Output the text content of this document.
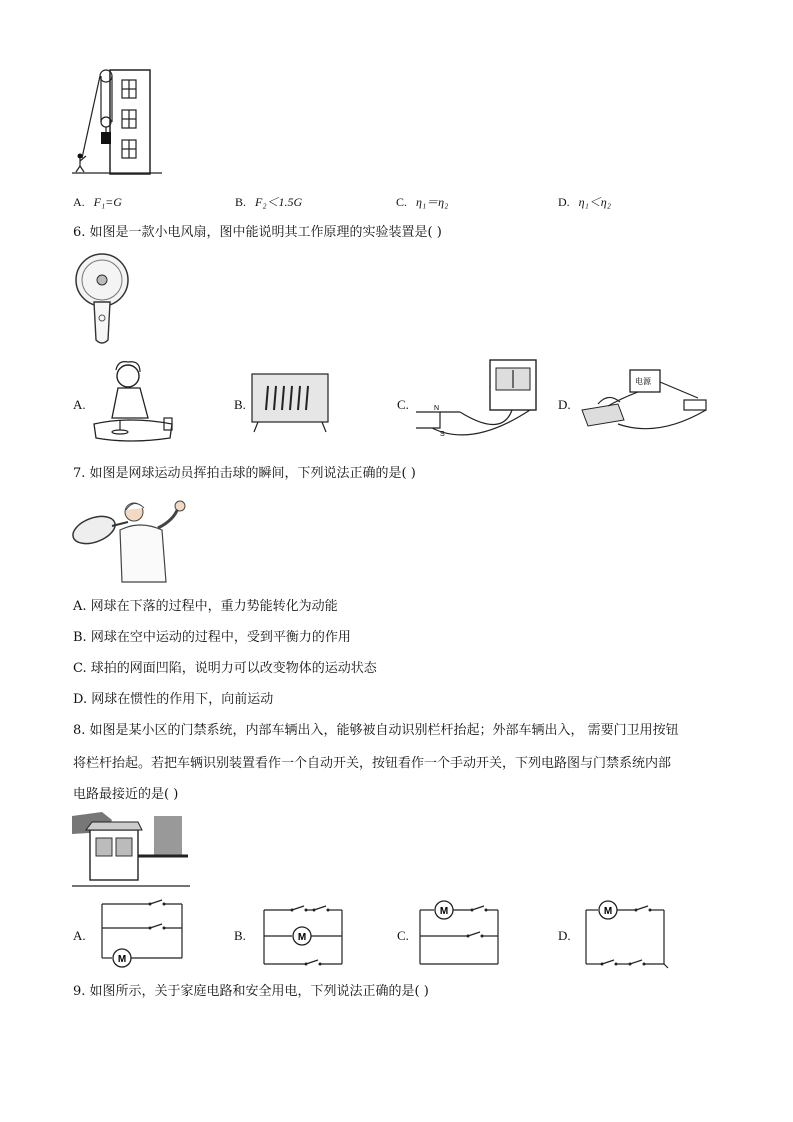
A. F₁=G	B. F₂＜1.5G	C. η₁＝η₂	D. η₁＜η₂
6. 如图是一款小电风扇，图中能说明其工作原理的实验装置是( )
A.	B.	C.	N
S
D.
电源
7. 如图是网球运动员挥拍击球的瞬间，下列说法正确的是( )
A. 网球在下落的过程中，重力势能转化为动能
B. 网球在空中运动的过程中，受到平衡力的作用
C. 球拍的网面凹陷，说明力可以改变物体的运动状态
D. 网球在惯性的作用下，向前运动
8. 如图是某小区的门禁系统，内部车辆出入，能够被自动识别栏杆抬起；外部车辆出入， 需要门卫用按钮
将栏杆抬起。若把车辆识别装置看作一个自动开关，按钮看作一个手动开关，下列电路图与门禁系统内部
电路最接近的是( )
A.
M
B.	M	C.
M
D.
M
9. 如图所示，关于家庭电路和安全用电，下列说法正确的是( )
